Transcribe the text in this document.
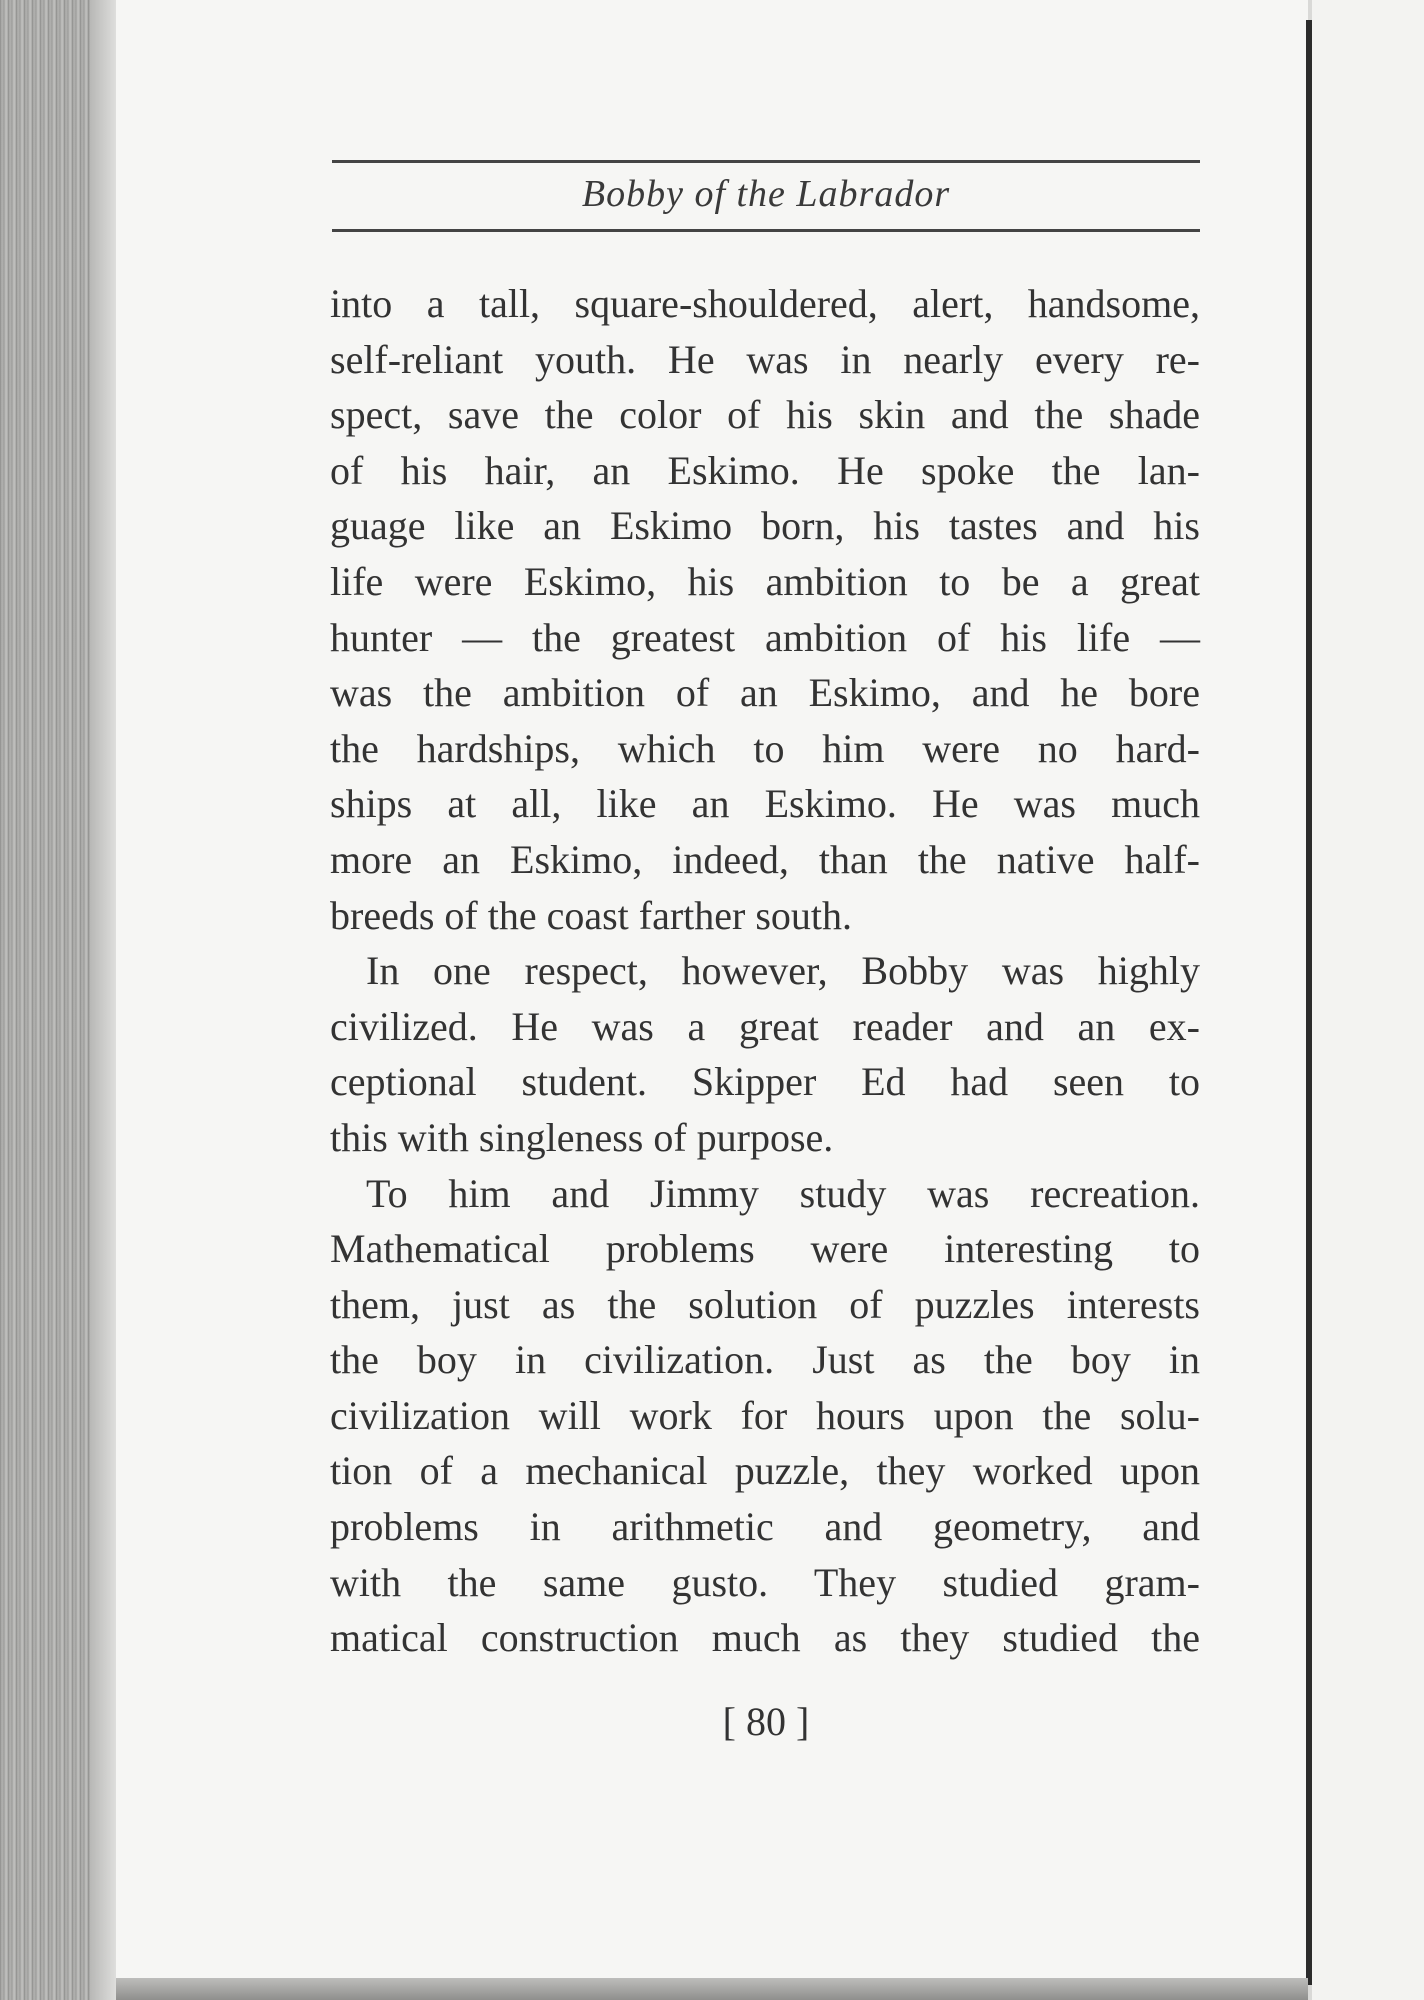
Bobby of the Labrador
into a tall, square-shouldered, alert, handsome,
self-reliant youth. He was in nearly every re-
spect, save the color of his skin and the shade
of his hair, an Eskimo. He spoke the lan-
guage like an Eskimo born, his tastes and his
life were Eskimo, his ambition to be a great
hunter — the greatest ambition of his life —
was the ambition of an Eskimo, and he bore
the hardships, which to him were no hard-
ships at all, like an Eskimo. He was much
more an Eskimo, indeed, than the native half-
breeds of the coast farther south.
In one respect, however, Bobby was highly
civilized. He was a great reader and an ex-
ceptional student. Skipper Ed had seen to
this with singleness of purpose.
To him and Jimmy study was recreation.
Mathematical problems were interesting to
them, just as the solution of puzzles interests
the boy in civilization. Just as the boy in
civilization will work for hours upon the solu-
tion of a mechanical puzzle, they worked upon
problems in arithmetic and geometry, and
with the same gusto. They studied gram-
matical construction much as they studied the
[ 80 ]
